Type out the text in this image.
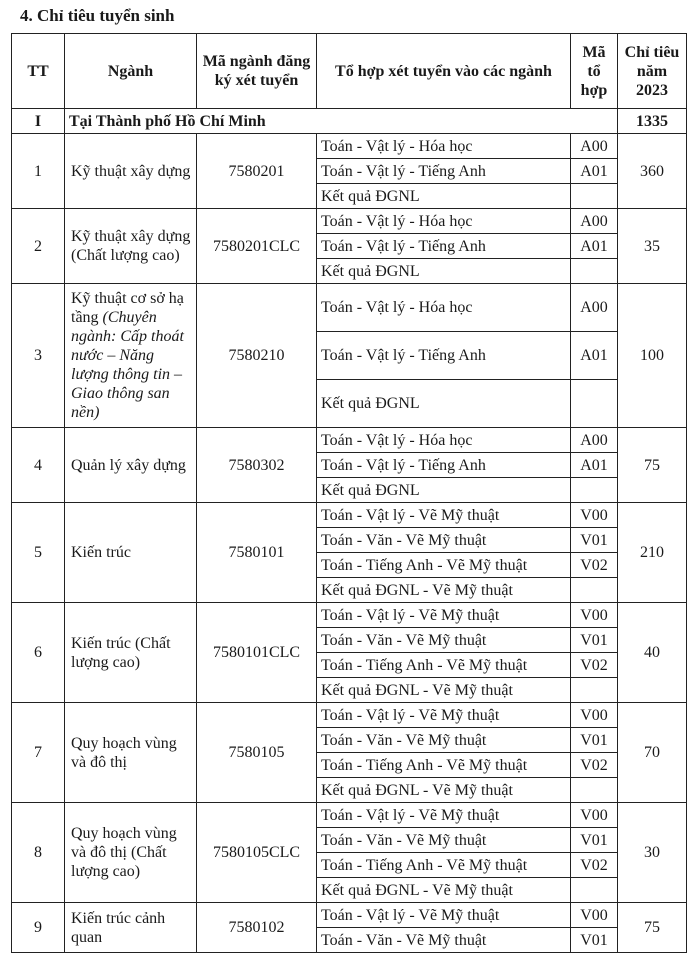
4. Chỉ tiêu tuyển sinh
TT	Ngành	Mã ngành đăng ký xét tuyển	Tổ hợp xét tuyển vào các ngành	Mã tổ hợp	Chỉ tiêu năm 2023
I	Tại Thành phố Hồ Chí Minh				1335
1	Kỹ thuật xây dựng	7580201	Toán - Vật lý - Hóa học	A00	360
			Toán - Vật lý - Tiếng Anh	A01	
			Kết quả ĐGNL		
2	Kỹ thuật xây dựng (Chất lượng cao)	7580201CLC	Toán - Vật lý - Hóa học	A00	35
			Toán - Vật lý - Tiếng Anh	A01	
			Kết quả ĐGNL		
3	Kỹ thuật cơ sở hạ tầng (Chuyên ngành: Cấp thoát nước – Năng lượng thông tin – Giao thông san nền)	7580210	Toán - Vật lý - Hóa học	A00	100
			Toán - Vật lý - Tiếng Anh	A01	
			Kết quả ĐGNL		
4	Quản lý xây dựng	7580302	Toán - Vật lý - Hóa học	A00	75
			Toán - Vật lý - Tiếng Anh	A01	
			Kết quả ĐGNL		
5	Kiến trúc	7580101	Toán - Vật lý - Vẽ Mỹ thuật	V00	210
			Toán - Văn - Vẽ Mỹ thuật	V01	
			Toán - Tiếng Anh - Vẽ Mỹ thuật	V02	
			Kết quả ĐGNL - Vẽ Mỹ thuật		
6	Kiến trúc (Chất lượng cao)	7580101CLC	Toán - Vật lý - Vẽ Mỹ thuật	V00	40
			Toán - Văn - Vẽ Mỹ thuật	V01	
			Toán - Tiếng Anh - Vẽ Mỹ thuật	V02	
			Kết quả ĐGNL - Vẽ Mỹ thuật		
7	Quy hoạch vùng và đô thị	7580105	Toán - Vật lý - Vẽ Mỹ thuật	V00	70
			Toán - Văn - Vẽ Mỹ thuật	V01	
			Toán - Tiếng Anh - Vẽ Mỹ thuật	V02	
			Kết quả ĐGNL - Vẽ Mỹ thuật		
8	Quy hoạch vùng và đô thị (Chất lượng cao)	7580105CLC	Toán - Vật lý - Vẽ Mỹ thuật	V00	30
			Toán - Văn - Vẽ Mỹ thuật	V01	
			Toán - Tiếng Anh - Vẽ Mỹ thuật	V02	
			Kết quả ĐGNL - Vẽ Mỹ thuật		
9	Kiến trúc cảnh quan	7580102	Toán - Vật lý - Vẽ Mỹ thuật	V00	75
			Toán - Văn - Vẽ Mỹ thuật	V01	
